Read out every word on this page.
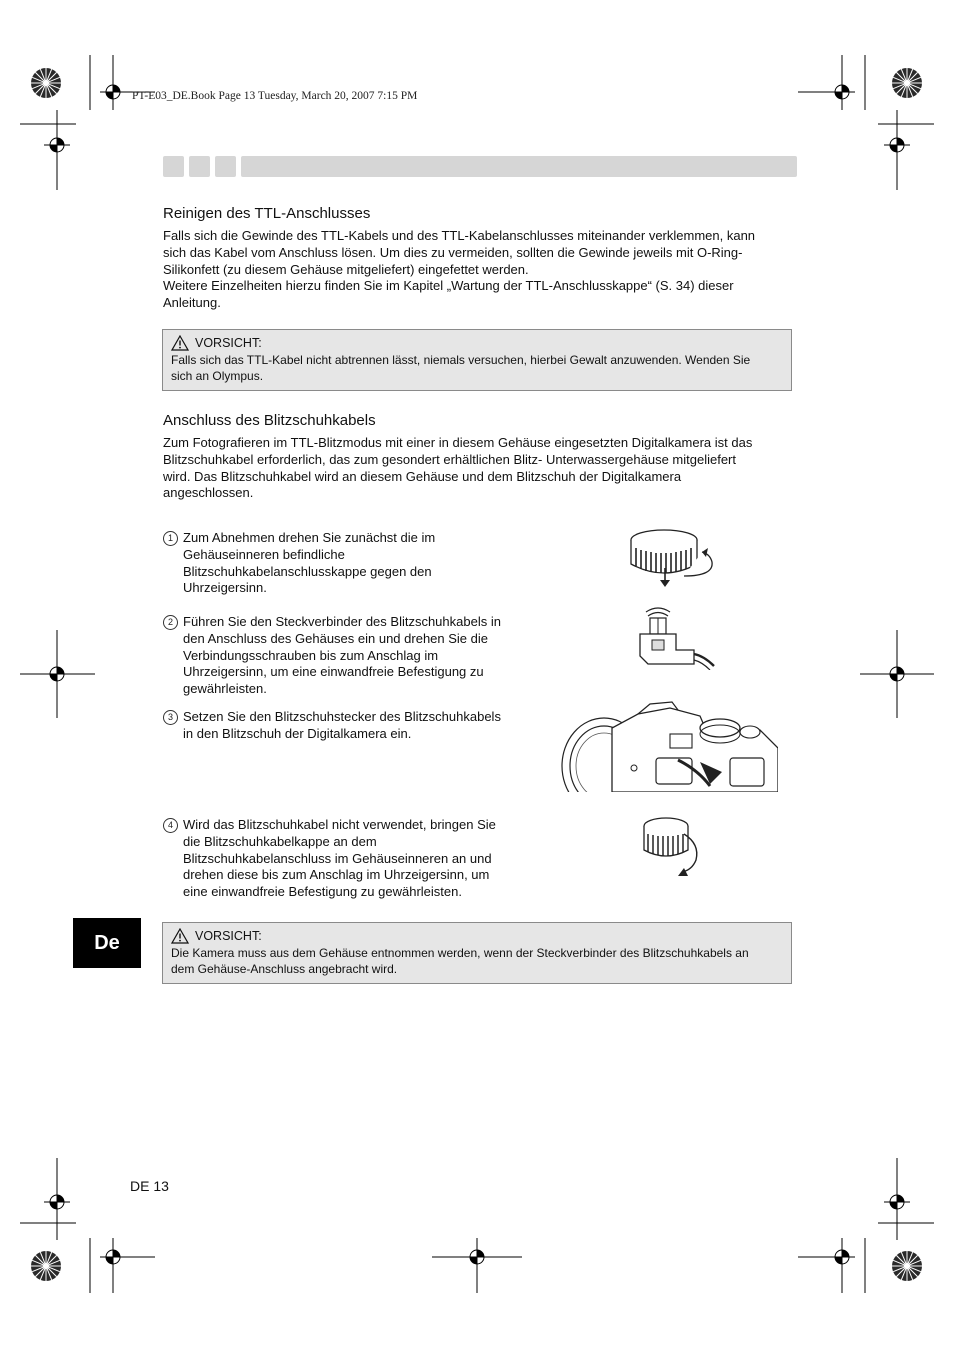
PT-E03_DE.Book Page 13 Tuesday, March 20, 2007 7:15 PM
Reinigen des TTL-Anschlusses

Falls sich die Gewinde des TTL-Kabels und des TTL-Kabelanschlusses miteinander verklemmen, kann

sich das Kabel vom Anschluss lösen. Um dies zu vermeiden, sollten die Gewinde jeweils mit O-Ring-

Silikonfett (zu diesem Gehäuse mitgeliefert) eingefettet werden.

Weitere Einzelheiten hierzu finden Sie im Kapitel „Wartung der TTL-Anschlusskappe“ (S. 34) dieser

Anleitung.

VORSICHT:
Falls sich das TTL-Kabel nicht abtrennen lässt, niemals versuchen, hierbei Gewalt anzuwenden. Wenden Sie
sich an Olympus.
Anschluss des Blitzschuhkabels

Zum Fotografieren im TTL-Blitzmodus mit einer in diesem Gehäuse eingesetzten Digitalkamera ist das

Blitzschuhkabel erforderlich, das zum gesondert erhältlichen Blitz- Unterwassergehäuse mitgeliefert

wird. Das Blitzschuhkabel wird an diesem Gehäuse und dem Blitzschuh der Digitalkamera

angeschlossen.

1 Zum Abnehmen drehen Sie zunächst die im
Gehäuseinneren befindliche
Blitzschuhkabelanschlusskappe gegen den
Uhrzeigersinn.
2 Führen Sie den Steckverbinder des Blitzschuhkabels in
den Anschluss des Gehäuses ein und drehen Sie die
Verbindungsschrauben bis zum Anschlag im
Uhrzeigersinn, um eine einwandfreie Befestigung zu
gewährleisten.
3 Setzen Sie den Blitzschuhstecker des Blitzschuhkabels
in den Blitzschuh der Digitalkamera ein.
4 Wird das Blitzschuhkabel nicht verwendet, bringen Sie
die Blitzschuhkabelkappe an dem
Blitzschuhkabelanschluss im Gehäuseinneren an und
drehen diese bis zum Anschlag im Uhrzeigersinn, um
eine einwandfreie Befestigung zu gewährleisten.
VORSICHT:
Die Kamera muss aus dem Gehäuse entnommen werden, wenn der Steckverbinder des Blitzschuhkabels an
dem Gehäuse-Anschluss angebracht wird.
De
DE 13
